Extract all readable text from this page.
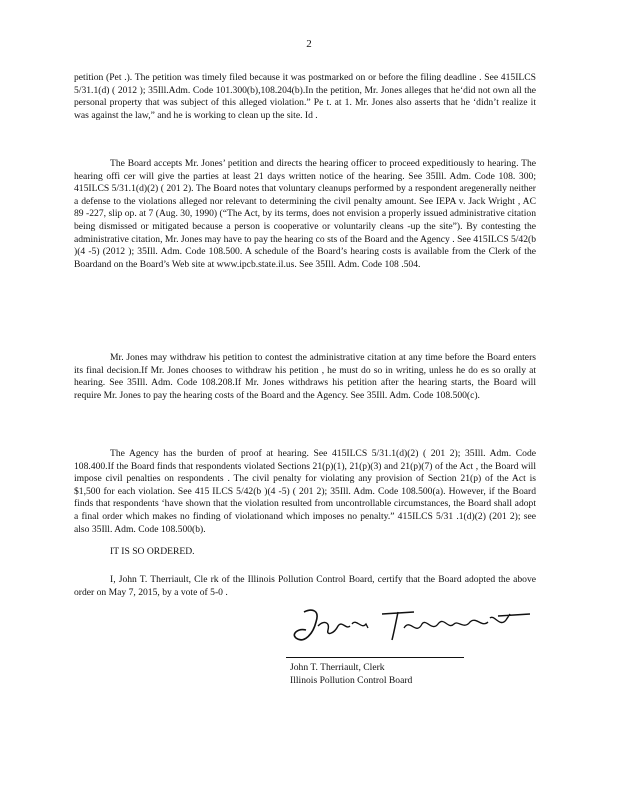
2

petition (Pet .). The petition was timely filed because it was postmarked on or before the filing deadline . See 415ILCS 5/31.1(d) ( 2012 ); 35Ill.Adm. Code 101.300(b),108.204(b).In the petition, Mr. Jones alleges that he‘did not own all the personal property that was subject of this alleged violation.” Pe t. at 1. Mr. Jones also asserts that he ‘didn’t realize it was against the law,” and he is working to clean up the site. Id .

The Board accepts Mr. Jones’ petition and directs the hearing officer to proceed expeditiously to hearing. The hearing offi cer will give the parties at least 21 days written notice of the hearing. See 35Ill. Adm. Code 108. 300; 415ILCS 5/31.1(d)(2) ( 201 2). The Board notes that voluntary cleanups performed by a respondent aregenerally neither a defense to the violations alleged nor relevant to determining the civil penalty amount. See IEPA v. Jack Wright , AC 89 -227, slip op. at 7 (Aug. 30, 1990) (“The Act, by its terms, does not envision a properly issued administrative citation being dismissed or mitigated because a person is cooperative or voluntarily cleans -up the site”). By contesting the administrative citation, Mr. Jones may have to pay the hearing co sts of the Board and the Agency . See 415ILCS 5/42(b )(4 -5) (2012 ); 35Ill. Adm. Code 108.500. A schedule of the Board’s hearing costs is available from the Clerk of the Boardand on the Board’s Web site at www.ipcb.state.il.us. See 35Ill. Adm. Code 108 .504.

Mr. Jones may withdraw his petition to contest the administrative citation at any time before the Board enters its final decision.If Mr. Jones chooses to withdraw his petition , he must do so in writing, unless he do es so orally at hearing. See 35Ill. Adm. Code 108.208.If Mr. Jones withdraws his petition after the hearing starts, the Board will require Mr. Jones to pay the hearing costs of the Board and the Agency. See 35Ill. Adm. Code 108.500(c).

The Agency has the burden of proof at hearing. See 415ILCS 5/31.1(d)(2) ( 201 2); 35Ill. Adm. Code 108.400.If the Board finds that respondents violated Sections 21(p)(1), 21(p)(3) and 21(p)(7) of the Act , the Board will impose civil penalties on respondents . The civil penalty for violating any provision of Section 21(p) of the Act is $1,500 for each violation. See 415 ILCS 5/42(b )(4 -5) ( 201 2); 35Ill. Adm. Code 108.500(a). However, if the Board finds that respondents ‘have shown that the violation resulted from uncontrollable circumstances, the Board shall adopt a final order which makes no finding of violationand which imposes no penalty.” 415ILCS 5/31 .1(d)(2) (201 2); see also 35Ill. Adm. Code 108.500(b).

IT IS SO ORDERED.

I, John T. Therriault, Cle rk of the Illinois Pollution Control Board, certify that the Board adopted the above order on May 7, 2015, by a vote of 5-0 .

John T. Therriault, Clerk
Illinois Pollution Control Board
